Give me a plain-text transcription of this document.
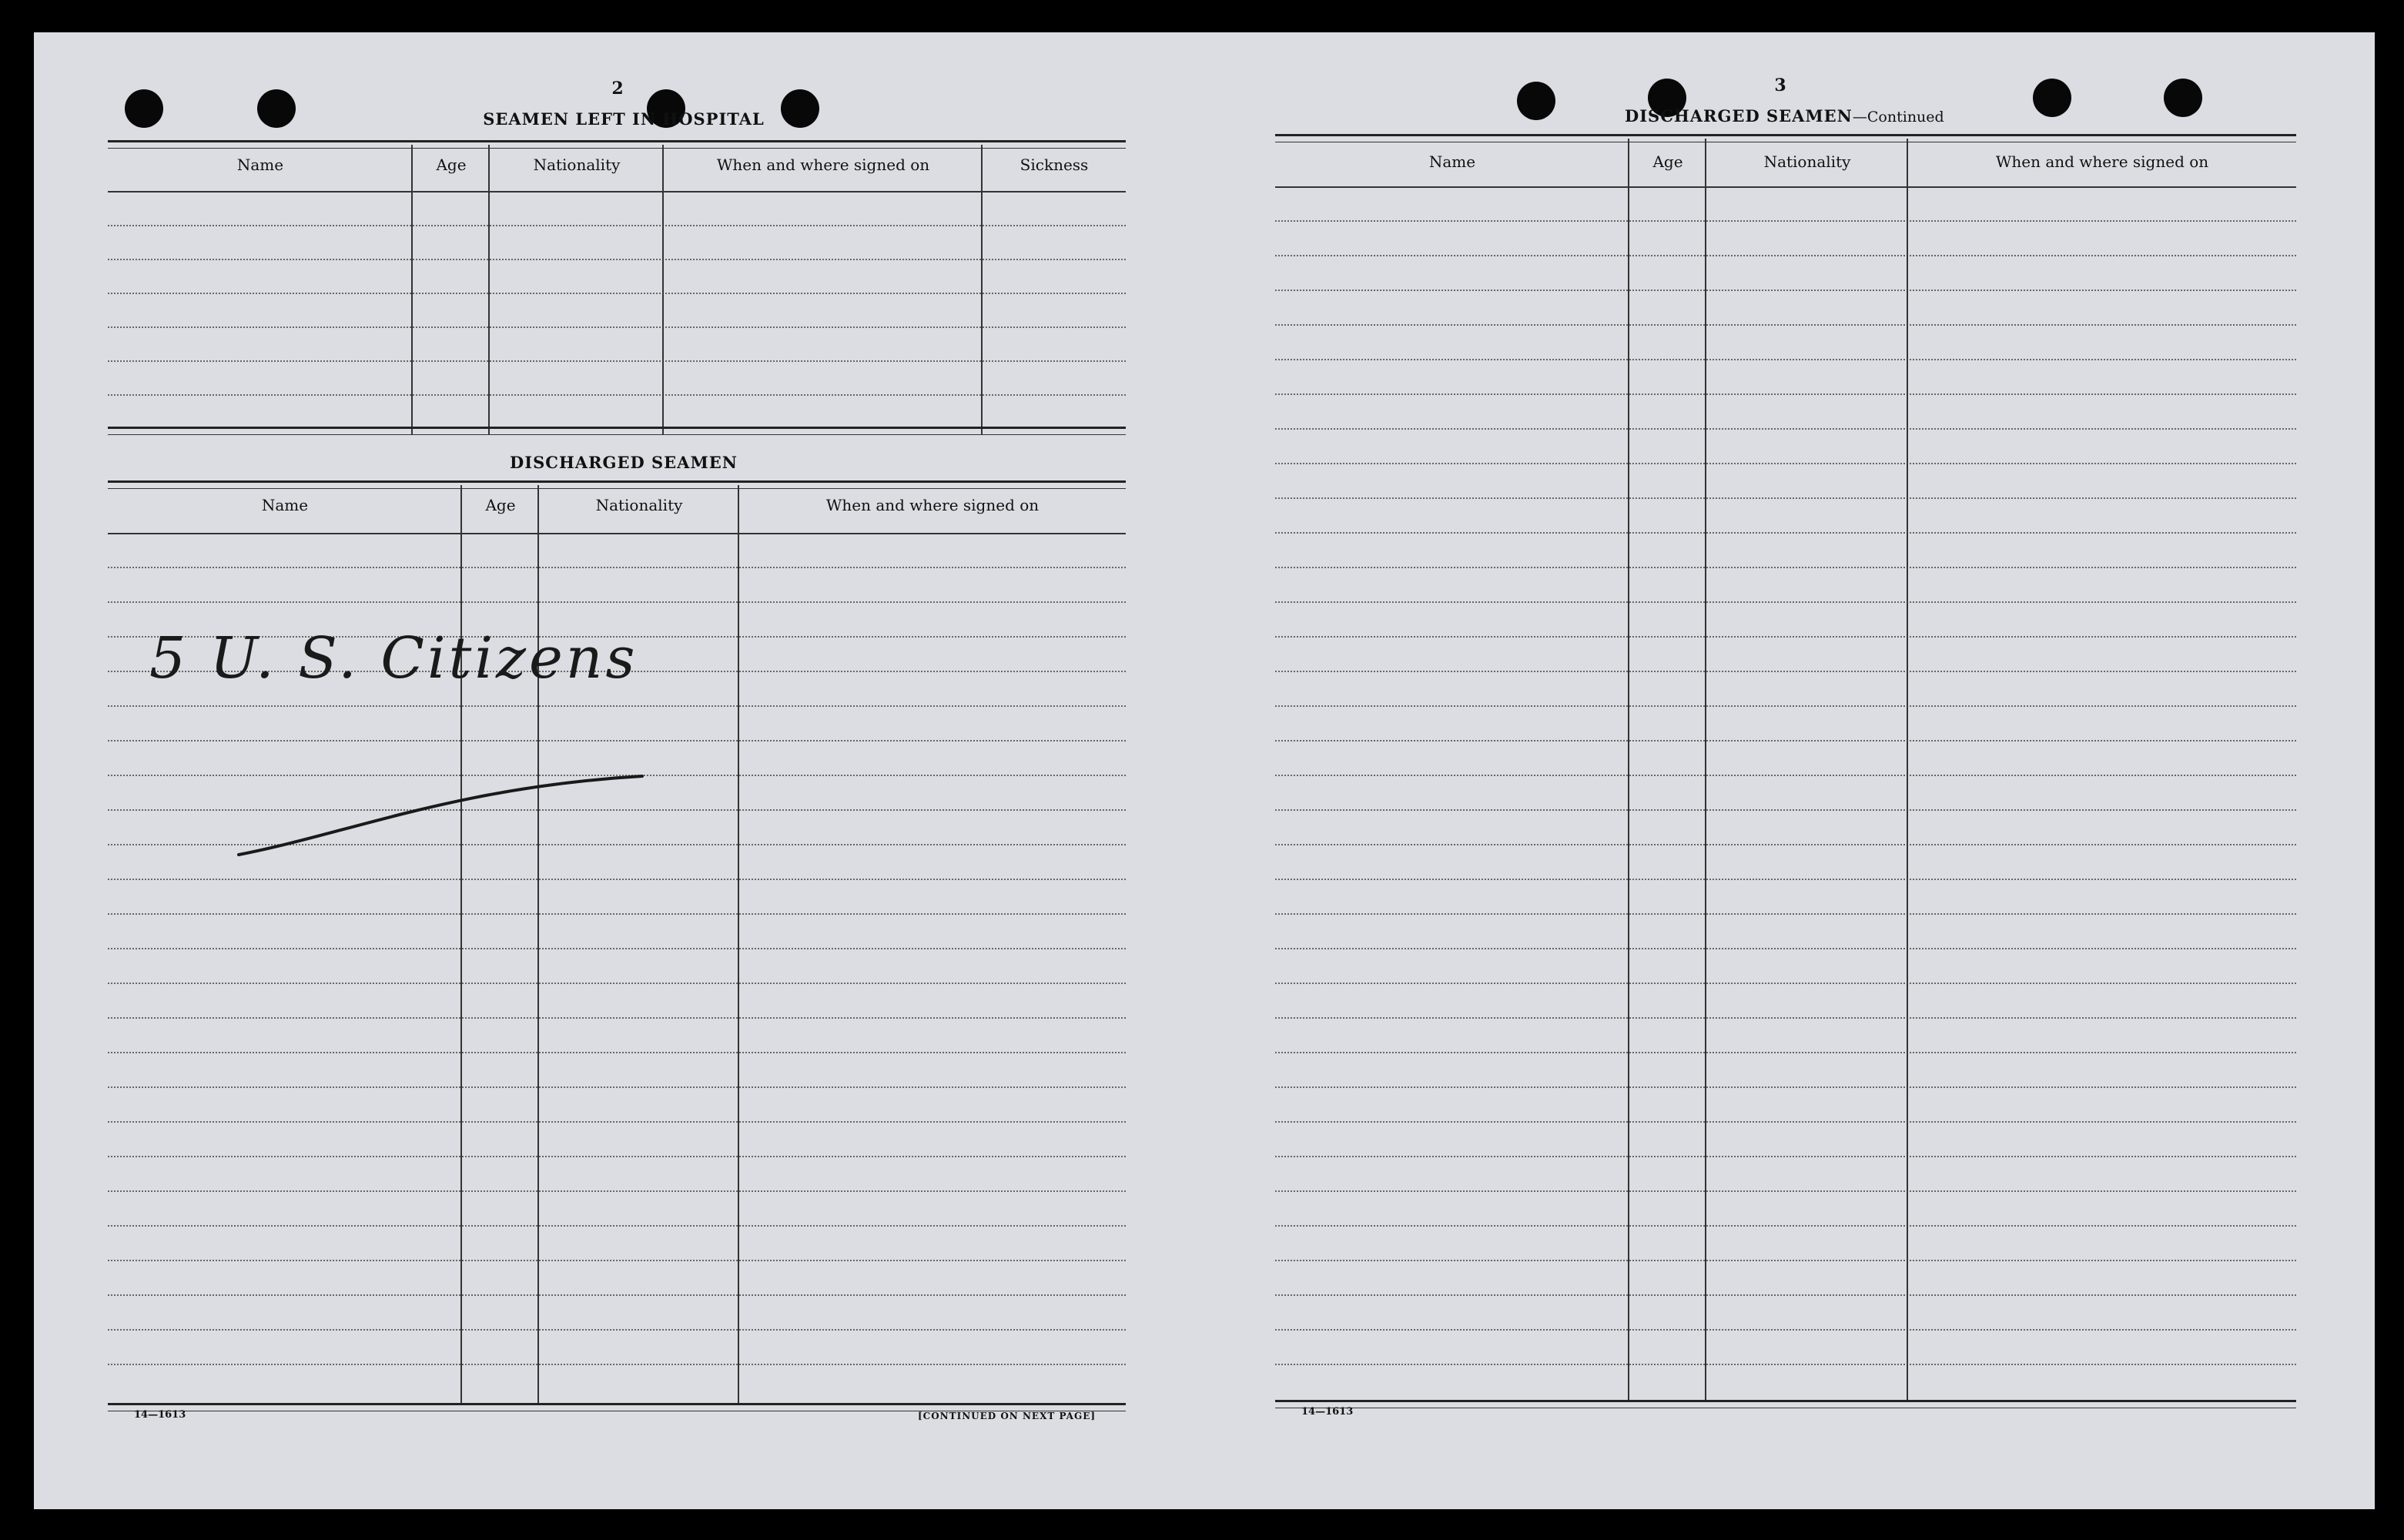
2
SEAMEN LEFT IN HOSPITAL
Name	Age	Nationality	When and where signed on	Sickness
DISCHARGED SEAMEN
Name	Age	Nationality	When and where signed on
5 U. S. Citizens
14—1613	[CONTINUED ON NEXT PAGE]
3
DISCHARGED SEAMEN—Continued
Name	Age	Nationality	When and where signed on
14—1613
